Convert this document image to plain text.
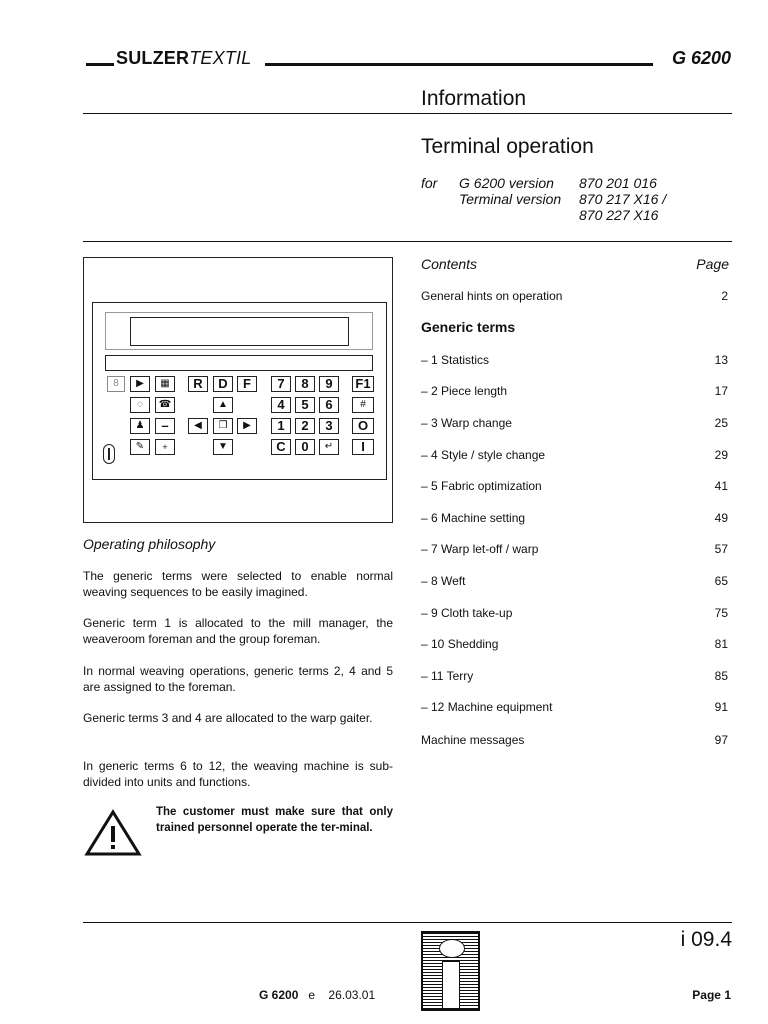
SULZERTEXTIL	G 6200
Information
Terminal operation
for	G 6200 version	870 201 016
Terminal version	870 217 X16 /
870 227 X16
8	▶	▦
◌	☎
♟	–
✎	+
R	D	F
▲
◀	❐	▶
▼
7	8	9	F1
4	5	6	#
1	2	3	O
C	0	↵	I
Operating philosophy
The generic terms were selected to enable normal weaving sequences to be easily imagined.
Generic term 1 is allocated to the mill manager, the weaveroom foreman and the group foreman.
In normal weaving operations, generic terms 2, 4 and 5 are assigned to the foreman.
Generic terms 3 and 4 are allocated to the warp gaiter.
In generic terms 6 to 12, the weaving machine is sub-divided into units and functions.
The customer must make sure that only trained personnel operate the ter-minal.
Contents	Page
General hints on operation	2
Generic terms
– 1 Statistics	13
– 2 Piece length	17
– 3 Warp change	25
– 4 Style / style change	29
– 5 Fabric optimization	41
– 6 Machine setting	49
– 7 Warp let-off / warp	57
– 8 Weft	65
– 9 Cloth take-up	75
– 10 Shedding	81
– 11 Terry	85
– 12 Machine equipment	91
Machine messages	97
i 09.4
G 6200 e 26.03.01	Page 1
